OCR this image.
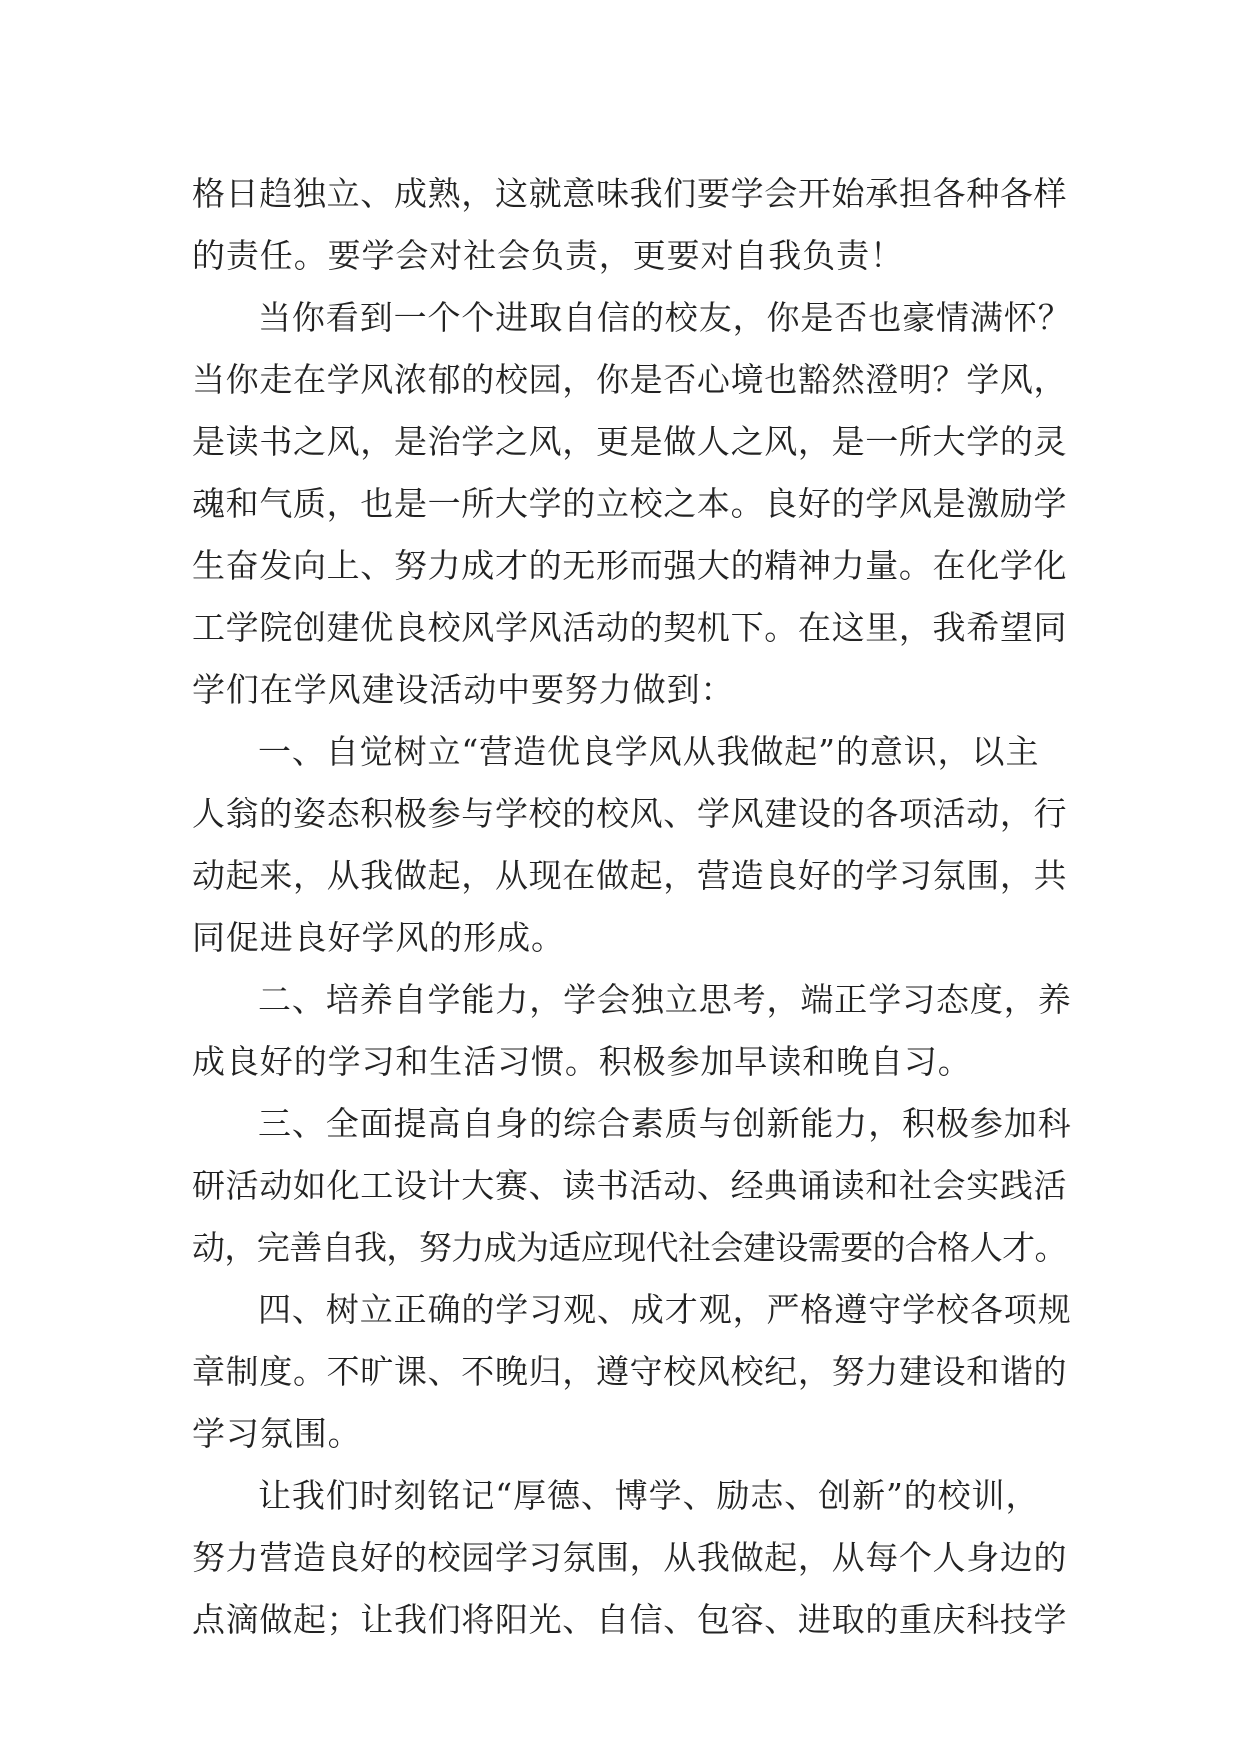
格日趋独立、成熟，这就意味我们要学会开始承担各种各样
的责任。要学会对社会负责，更要对自我负责！
当你看到一个个进取自信的校友，你是否也豪情满怀？
当你走在学风浓郁的校园，你是否心境也豁然澄明？学风，
是读书之风，是治学之风，更是做人之风，是一所大学的灵
魂和气质，也是一所大学的立校之本。良好的学风是激励学
生奋发向上、努力成才的无形而强大的精神力量。在化学化
工学院创建优良校风学风活动的契机下。在这里，我希望同
学们在学风建设活动中要努力做到：
一、自觉树立“营造优良学风从我做起”的意识，以主
人翁的姿态积极参与学校的校风、学风建设的各项活动，行
动起来，从我做起，从现在做起，营造良好的学习氛围，共
同促进良好学风的形成。
二、培养自学能力，学会独立思考，端正学习态度，养
成良好的学习和生活习惯。积极参加早读和晚自习。
三、全面提高自身的综合素质与创新能力，积极参加科
研活动如化工设计大赛、读书活动、经典诵读和社会实践活
动，完善自我，努力成为适应现代社会建设需要的合格人才。
四、树立正确的学习观、成才观，严格遵守学校各项规
章制度。不旷课、不晚归，遵守校风校纪，努力建设和谐的
学习氛围。
让我们时刻铭记“厚德、博学、励志、创新”的校训，
努力营造良好的校园学习氛围，从我做起，从每个人身边的
点滴做起；让我们将阳光、自信、包容、进取的重庆科技学
